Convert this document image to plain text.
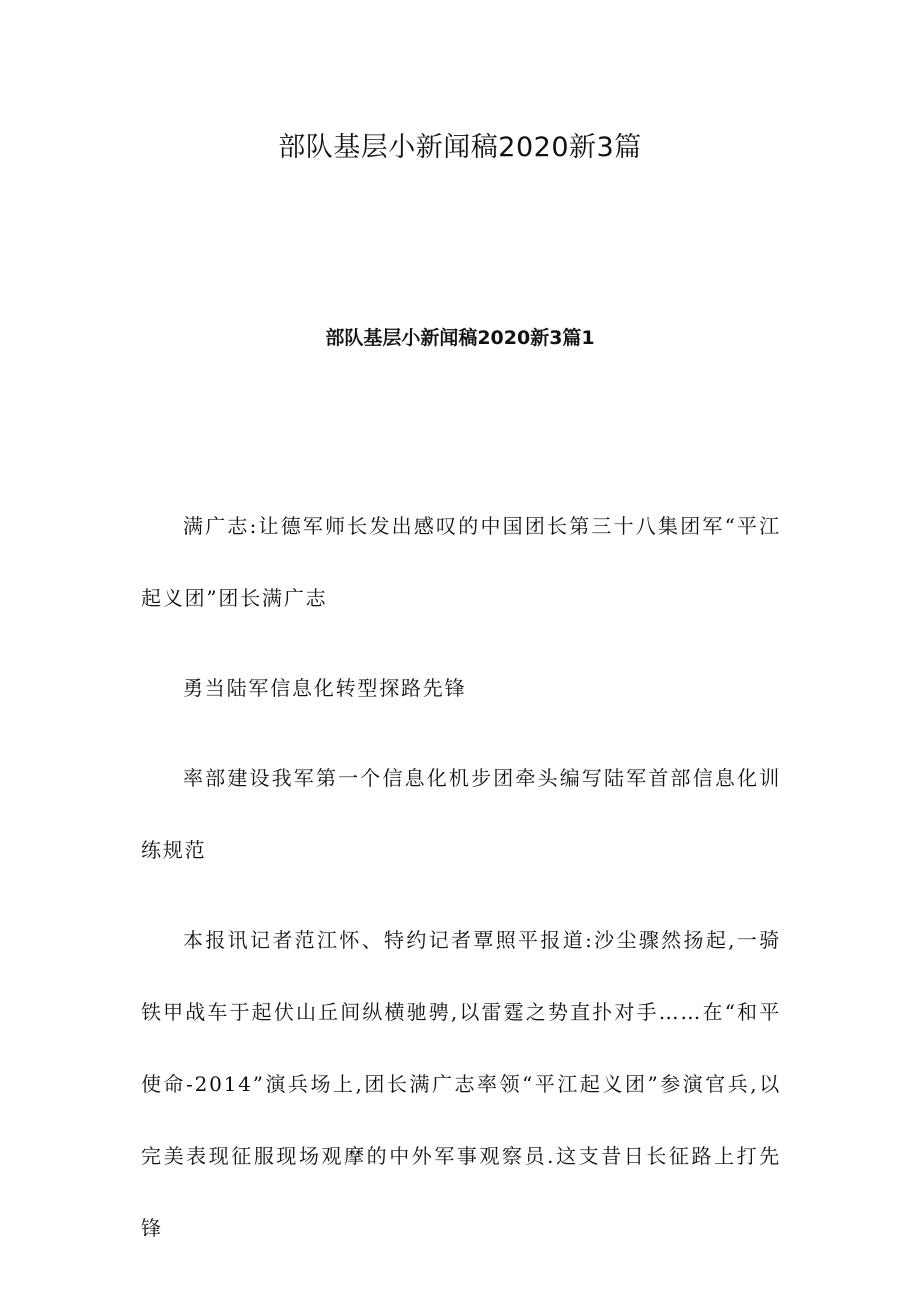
部队基层小新闻稿2020新3篇
部队基层小新闻稿2020新3篇1

满广志:让德军师长发出感叹的中国团长第三十八集团军“平江起义团”团长满广志

勇当陆军信息化转型探路先锋

率部建设我军第一个信息化机步团牵头编写陆军首部信息化训练规范

本报讯记者范江怀、特约记者覃照平报道:沙尘骤然扬起,一骑铁甲战车于起伏山丘间纵横驰骋,以雷霆之势直扑对手……在“和平使命-2014”演兵场上,团长满广志率领“平江起义团”参演官兵,以完美表现征服现场观摩的中外军事观察员.这支昔日长征路上打先锋
